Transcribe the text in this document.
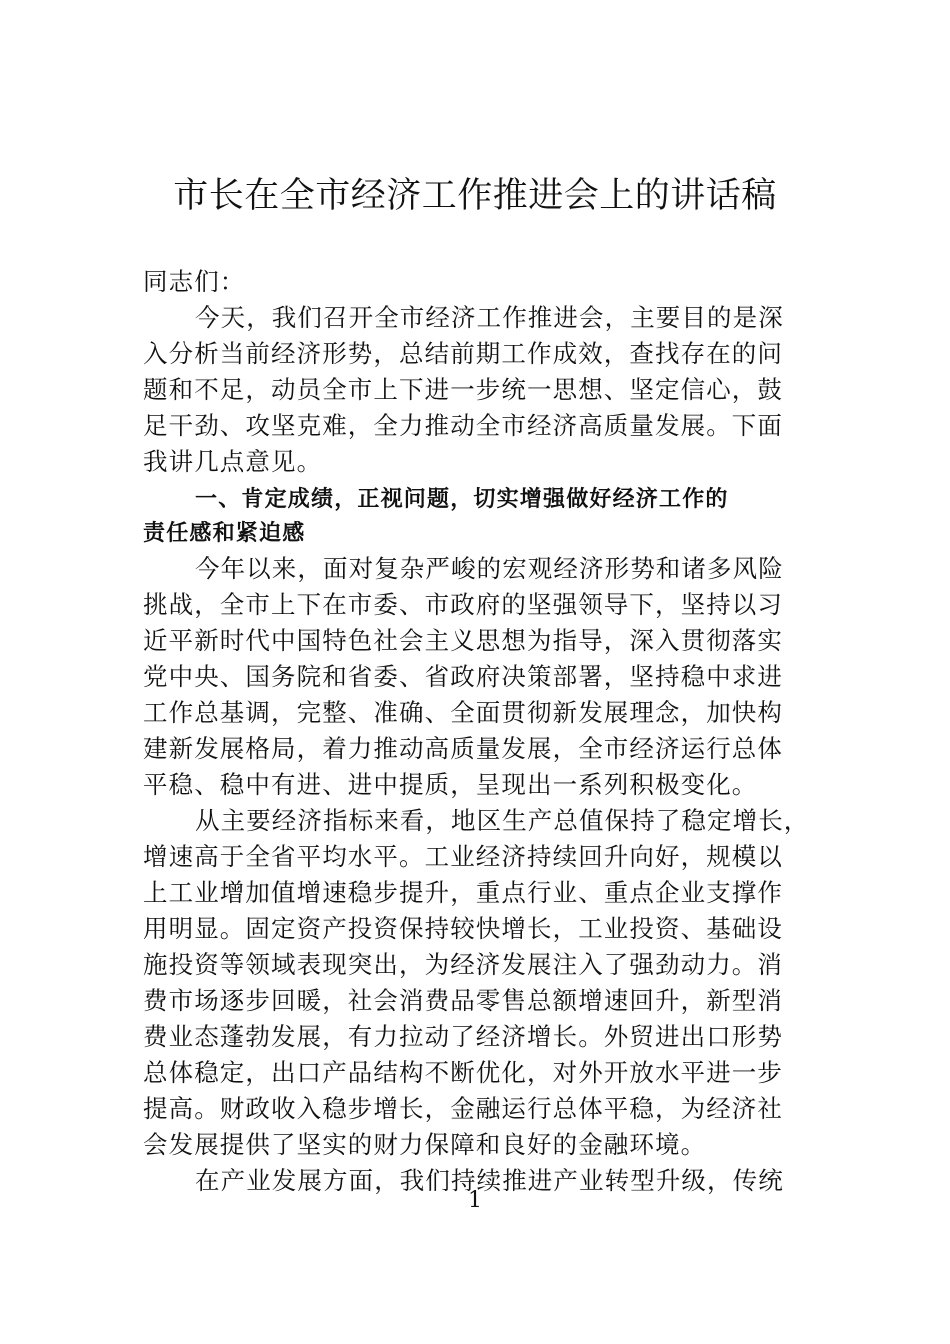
市长在全市经济工作推进会上的讲话稿
同志们：
今天，我们召开全市经济工作推进会，主要目的是深
入分析当前经济形势，总结前期工作成效，查找存在的问
题和不足，动员全市上下进一步统一思想、坚定信心，鼓
足干劲、攻坚克难，全力推动全市经济高质量发展。下面
我讲几点意见。
一、肯定成绩，正视问题，切实增强做好经济工作的
责任感和紧迫感
今年以来，面对复杂严峻的宏观经济形势和诸多风险
挑战，全市上下在市委、市政府的坚强领导下，坚持以习
近平新时代中国特色社会主义思想为指导，深入贯彻落实
党中央、国务院和省委、省政府决策部署，坚持稳中求进
工作总基调，完整、准确、全面贯彻新发展理念，加快构
建新发展格局，着力推动高质量发展，全市经济运行总体
平稳、稳中有进、进中提质，呈现出一系列积极变化。
从主要经济指标来看，地区生产总值保持了稳定增长，
增速高于全省平均水平。工业经济持续回升向好，规模以
上工业增加值增速稳步提升，重点行业、重点企业支撑作
用明显。固定资产投资保持较快增长，工业投资、基础设
施投资等领域表现突出，为经济发展注入了强劲动力。消
费市场逐步回暖，社会消费品零售总额增速回升，新型消
费业态蓬勃发展，有力拉动了经济增长。外贸进出口形势
总体稳定，出口产品结构不断优化，对外开放水平进一步
提高。财政收入稳步增长，金融运行总体平稳，为经济社
会发展提供了坚实的财力保障和良好的金融环境。
在产业发展方面，我们持续推进产业转型升级，传统
1
